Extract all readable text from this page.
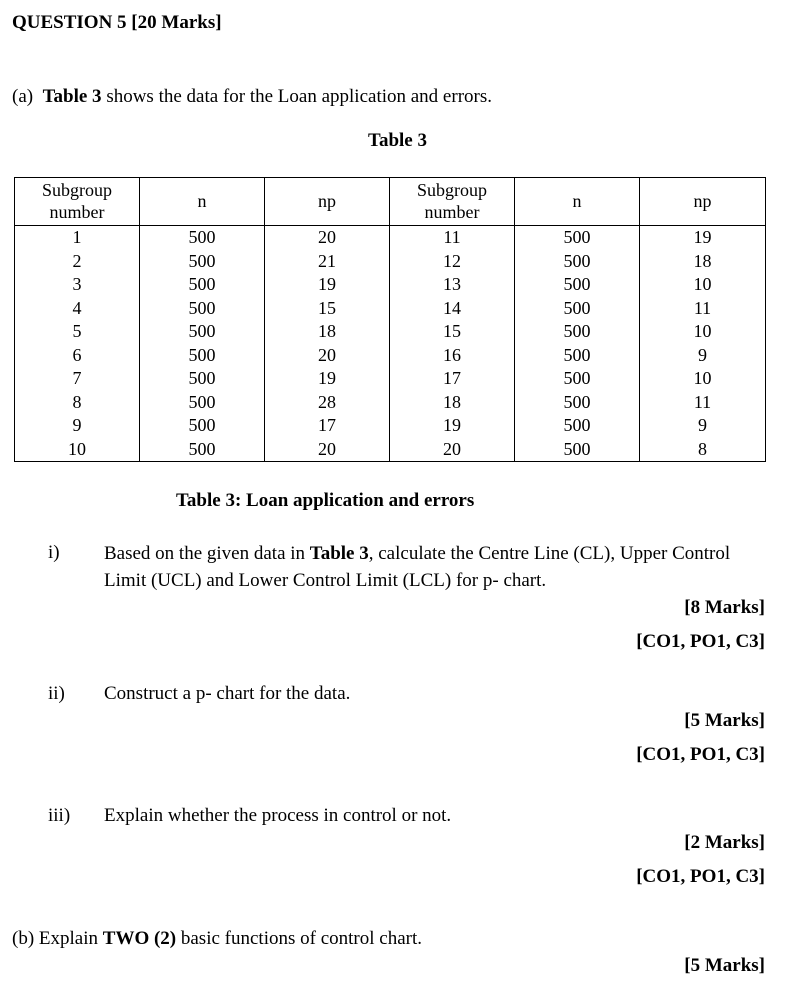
QUESTION 5 [20 Marks]
(a) Table 3 shows the data for the Loan application and errors.
Table 3
Subgroup number	n	np	Subgroup number	n	np
1	500	20	11	500	19
2	500	21	12	500	18
3	500	19	13	500	10
4	500	15	14	500	11
5	500	18	15	500	10
6	500	20	16	500	9
7	500	19	17	500	10
8	500	28	18	500	11
9	500	17	19	500	9
10	500	20	20	500	8
Table 3: Loan application and errors
i) Based on the given data in Table 3, calculate the Centre Line (CL), Upper Control
Limit (UCL) and Lower Control Limit (LCL) for p- chart.
[8 Marks]
[CO1, PO1, C3]
ii) Construct a p- chart for the data.
[5 Marks]
[CO1, PO1, C3]
iii) Explain whether the process in control or not.
[2 Marks]
[CO1, PO1, C3]
(b) Explain TWO (2) basic functions of control chart.
[5 Marks]
